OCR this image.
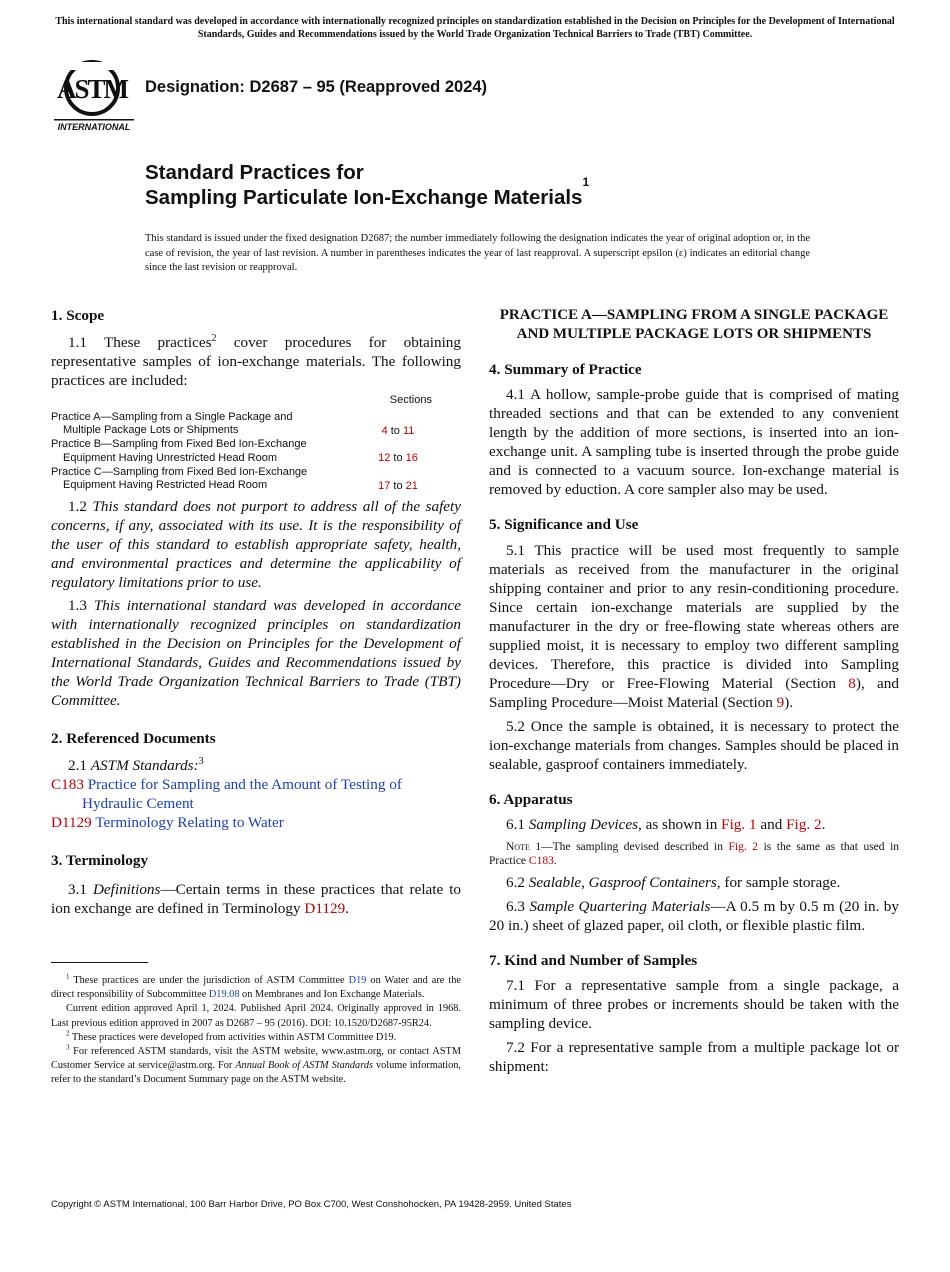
This international standard was developed in accordance with internationally recognized principles on standardization established in the Decision on Principles for the Development of International Standards, Guides and Recommendations issued by the World Trade Organization Technical Barriers to Trade (TBT) Committee.
ASTM
INTERNATIONAL
Designation: D2687 – 95 (Reapproved 2024)
Standard Practices for
Sampling Particulate Ion-Exchange Materials$^1$
This standard is issued under the fixed designation D2687; the number immediately following the designation indicates the year of original adoption or, in the case of revision, the year of last revision. A number in parentheses indicates the year of last reapproval. A superscript epsilon (ε) indicates an editorial change since the last revision or reapproval.

1. Scope

1.1 These practices$^2$ cover procedures for obtaining representative samples of ion-exchange materials. The following practices are included:

Sections
Practice A—Sampling from a Single Package and
Multiple Package Lots or Shipments	4 to 11
Practice B—Sampling from Fixed Bed Ion-Exchange
Equipment Having Unrestricted Head Room	12 to 16
Practice C—Sampling from Fixed Bed Ion-Exchange
Equipment Having Restricted Head Room	17 to 21

1.2 This standard does not purport to address all of the safety concerns, if any, associated with its use. It is the responsibility of the user of this standard to establish appropriate safety, health, and environmental practices and determine the applicability of regulatory limitations prior to use.

1.3 This international standard was developed in accordance with internationally recognized principles on standardization established in the Decision on Principles for the Development of International Standards, Guides and Recommendations issued by the World Trade Organization Technical Barriers to Trade (TBT) Committee.

2. Referenced Documents

2.1 ASTM Standards:$^3$

C183 Practice for Sampling and the Amount of Testing of Hydraulic Cement

D1129 Terminology Relating to Water

3. Terminology

3.1 Definitions—Certain terms in these practices that relate to ion exchange are defined in Terminology D1129.

$^1$ These practices are under the jurisdiction of ASTM Committee D19 on Water and are the direct responsibility of Subcommittee D19.08 on Membranes and Ion Exchange Materials.

Current edition approved April 1, 2024. Published April 2024. Originally approved in 1968. Last previous edition approved in 2007 as D2687 – 95 (2016). DOI: 10.1520/D2687-95R24.

$^2$ These practices were developed from activities within ASTM Committee D19.

$^3$ For referenced ASTM standards, visit the ASTM website, www.astm.org, or contact ASTM Customer Service at service@astm.org. For Annual Book of ASTM Standards volume information, refer to the standard’s Document Summary page on the ASTM website.

PRACTICE A—SAMPLING FROM A SINGLE PACKAGE AND MULTIPLE PACKAGE LOTS OR SHIPMENTS

4. Summary of Practice

4.1 A hollow, sample-probe guide that is comprised of mating threaded sections and that can be extended to any convenient length by the addition of more sections, is inserted into an ion-exchange unit. A sampling tube is inserted through the probe guide and is connected to a vacuum source. Ion-exchange material is removed by eduction. A core sampler also may be used.

5. Significance and Use

5.1 This practice will be used most frequently to sample materials as received from the manufacturer in the original shipping container and prior to any resin-conditioning procedure. Since certain ion-exchange materials are supplied by the manufacturer in the dry or free-flowing state whereas others are supplied moist, it is necessary to employ two different sampling devices. Therefore, this practice is divided into Sampling Procedure—Dry or Free-Flowing Material (Section 8), and Sampling Procedure—Moist Material (Section 9).

5.2 Once the sample is obtained, it is necessary to protect the ion-exchange materials from changes. Samples should be placed in sealable, gasproof containers immediately.

6. Apparatus

6.1 Sampling Devices, as shown in Fig. 1 and Fig. 2.

Note 1—The sampling devised described in Fig. 2 is the same as that used in Practice C183.

6.2 Sealable, Gasproof Containers, for sample storage.

6.3 Sample Quartering Materials—A 0.5 m by 0.5 m (20 in. by 20 in.) sheet of glazed paper, oil cloth, or flexible plastic film.

7. Kind and Number of Samples

7.1 For a representative sample from a single package, a minimum of three probes or increments should be taken with the sampling device.

7.2 For a representative sample from a multiple package lot or shipment:

Copyright © ASTM International, 100 Barr Harbor Drive, PO Box C700, West Conshohocken, PA 19428-2959. United States
